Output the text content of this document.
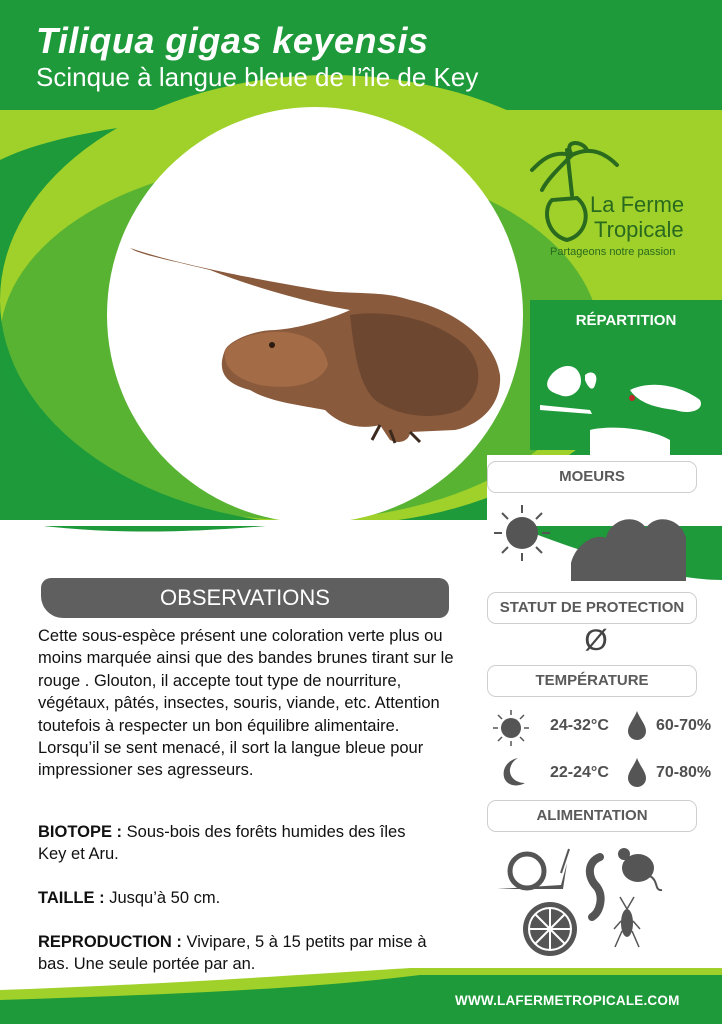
Tiliqua gigas keyensis
Scinque à langue bleue de l’île de Key
La Ferme
Tropicale
Partageons notre passion
RÉPARTITION
MOEURS
STATUT DE PROTECTION
Ø
TEMPÉRATURE
24-32°C	60-70%
22-24°C	70-80%
ALIMENTATION
OBSERVATIONS
Cette sous-espèce présent une coloration verte plus ou moins marquée ainsi que des bandes brunes tirant sur le rouge . Glouton, il accepte tout type de nourriture, végétaux, pâtés, insectes, souris, viande, etc. Attention toutefois à respecter un bon équilibre alimentaire. Lorsqu’il se sent menacé, il sort la langue bleue pour impressioner ses agresseurs.
BIOTOPE : Sous-bois des forêts humides des îles Key et Aru.
TAILLE : Jusqu’à 50 cm.
REPRODUCTION : Vivipare, 5 à 15 petits par mise à bas. Une seule portée par an.
WWW.LAFERMETROPICALE.COM
